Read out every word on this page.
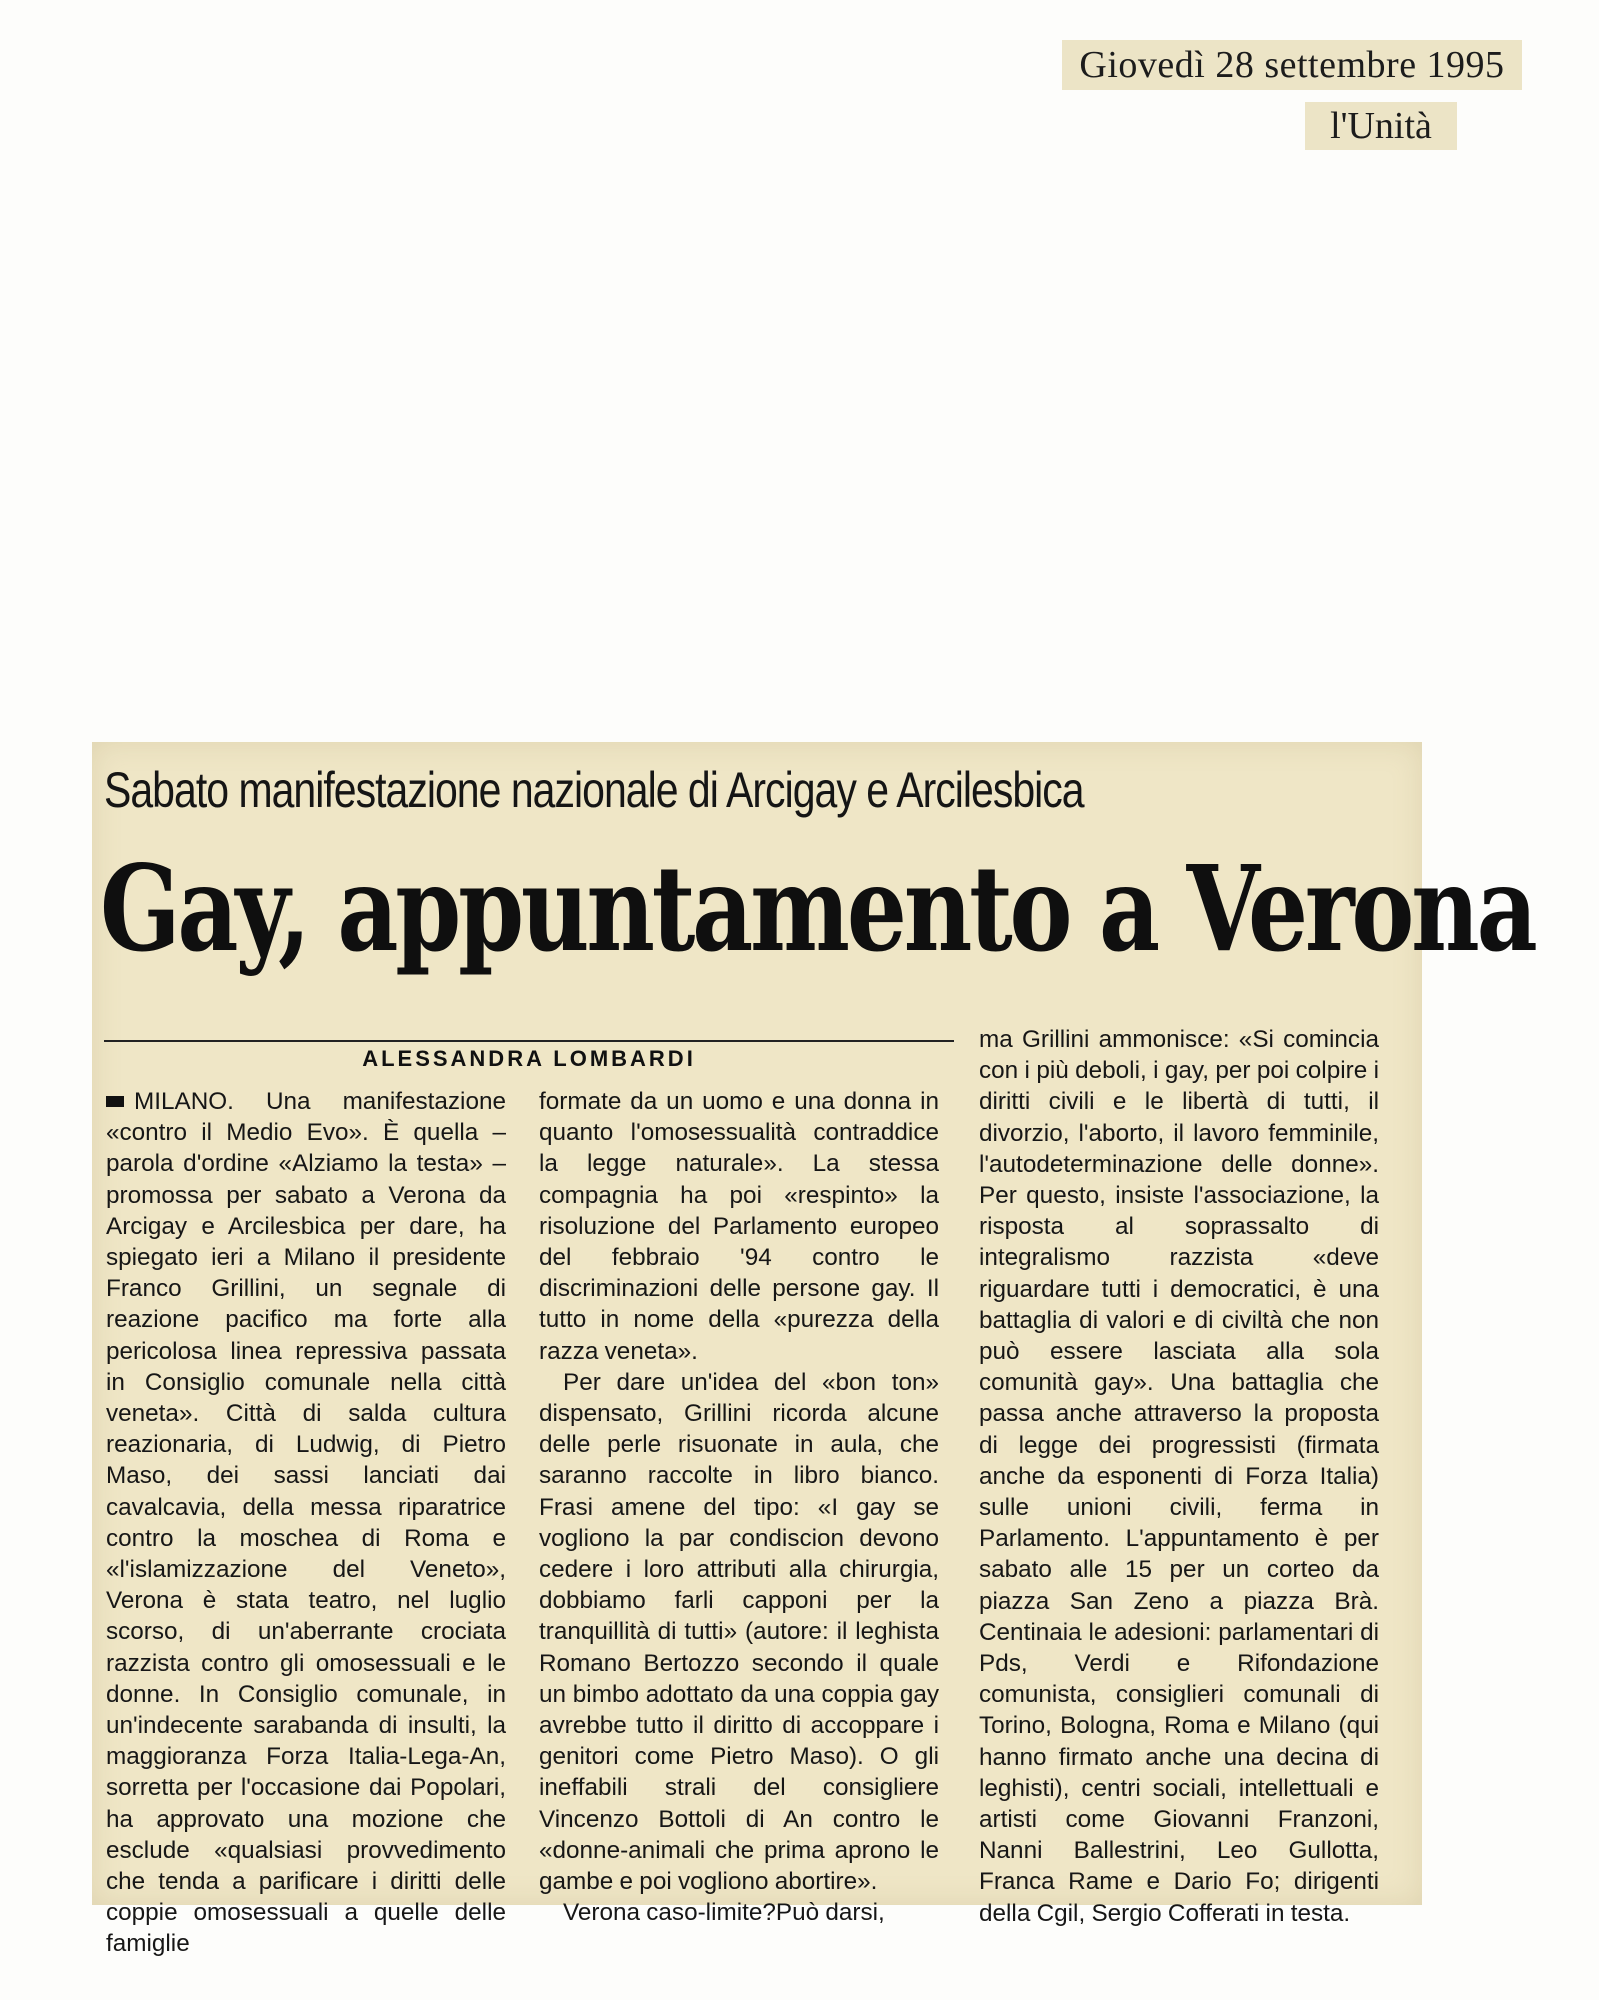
Giovedì 28 settembre 1995
l'Unità
Sabato manifestazione nazionale di Arcigay e Arcilesbica
Gay, appuntamento a Verona
ALESSANDRA LOMBARDI

MILANO. Una manifestazione «contro il Medio Evo». È quella – parola d'ordine «Alziamo la testa» – promossa per sabato a Verona da Arcigay e Arcilesbica per dare, ha spiegato ieri a Milano il presidente Franco Grillini, un segnale di reazione pacifico ma forte alla pericolosa linea repressiva passata in Consiglio comunale nella città veneta». Città di salda cultura reazionaria, di Ludwig, di Pietro Maso, dei sassi lanciati dai cavalcavia, della messa riparatrice contro la moschea di Roma e «l'islamizzazione del Veneto», Verona è stata teatro, nel luglio scorso, di un'aberrante crociata razzista contro gli omosessuali e le donne. In Consiglio comunale, in un'indecente sarabanda di insulti, la maggioranza Forza Italia-Lega-An, sorretta per l'occasione dai Popolari, ha approvato una mozione che esclude «qualsiasi provvedimento che tenda a parificare i diritti delle coppie omosessuali a quelle delle famiglie

formate da un uomo e una donna in quanto l'omosessualità contraddice la legge naturale». La stessa compagnia ha poi «respinto» la risoluzione del Parlamento europeo del febbraio '94 contro le discriminazioni delle persone gay. Il tutto in nome della «purezza della razza veneta».

Per dare un'idea del «bon ton» dispensato, Grillini ricorda alcune delle perle risuonate in aula, che saranno raccolte in libro bianco. Frasi amene del tipo: «I gay se vogliono la par condiscion devono cedere i loro attributi alla chirurgia, dobbiamo farli capponi per la tranquillità di tutti» (autore: il leghista Romano Bertozzo secondo il quale un bimbo adottato da una coppia gay avrebbe tutto il diritto di accoppare i genitori come Pietro Maso). O gli ineffabili strali del consigliere Vincenzo Bottoli di An contro le «donne-animali che prima aprono le gambe e poi vogliono abortire».

Verona caso-limite?Può darsi,

ma Grillini ammonisce: «Si comincia con i più deboli, i gay, per poi colpire i diritti civili e le libertà di tutti, il divorzio, l'aborto, il lavoro femminile, l'autodeterminazione delle donne». Per questo, insiste l'associazione, la risposta al soprassalto di integralismo razzista «deve riguardare tutti i democratici, è una battaglia di valori e di civiltà che non può essere lasciata alla sola comunità gay». Una battaglia che passa anche attraverso la proposta di legge dei progressisti (firmata anche da esponenti di Forza Italia) sulle unioni civili, ferma in Parlamento. L'appuntamento è per sabato alle 15 per un corteo da piazza San Zeno a piazza Brà. Centinaia le adesioni: parlamentari di Pds, Verdi e Rifondazione comunista, consiglieri comunali di Torino, Bologna, Roma e Milano (qui hanno firmato anche una decina di leghisti), centri sociali, intellettuali e artisti come Giovanni Franzoni, Nanni Ballestrini, Leo Gullotta, Franca Rame e Dario Fo; dirigenti della Cgil, Sergio Cofferati in testa.
